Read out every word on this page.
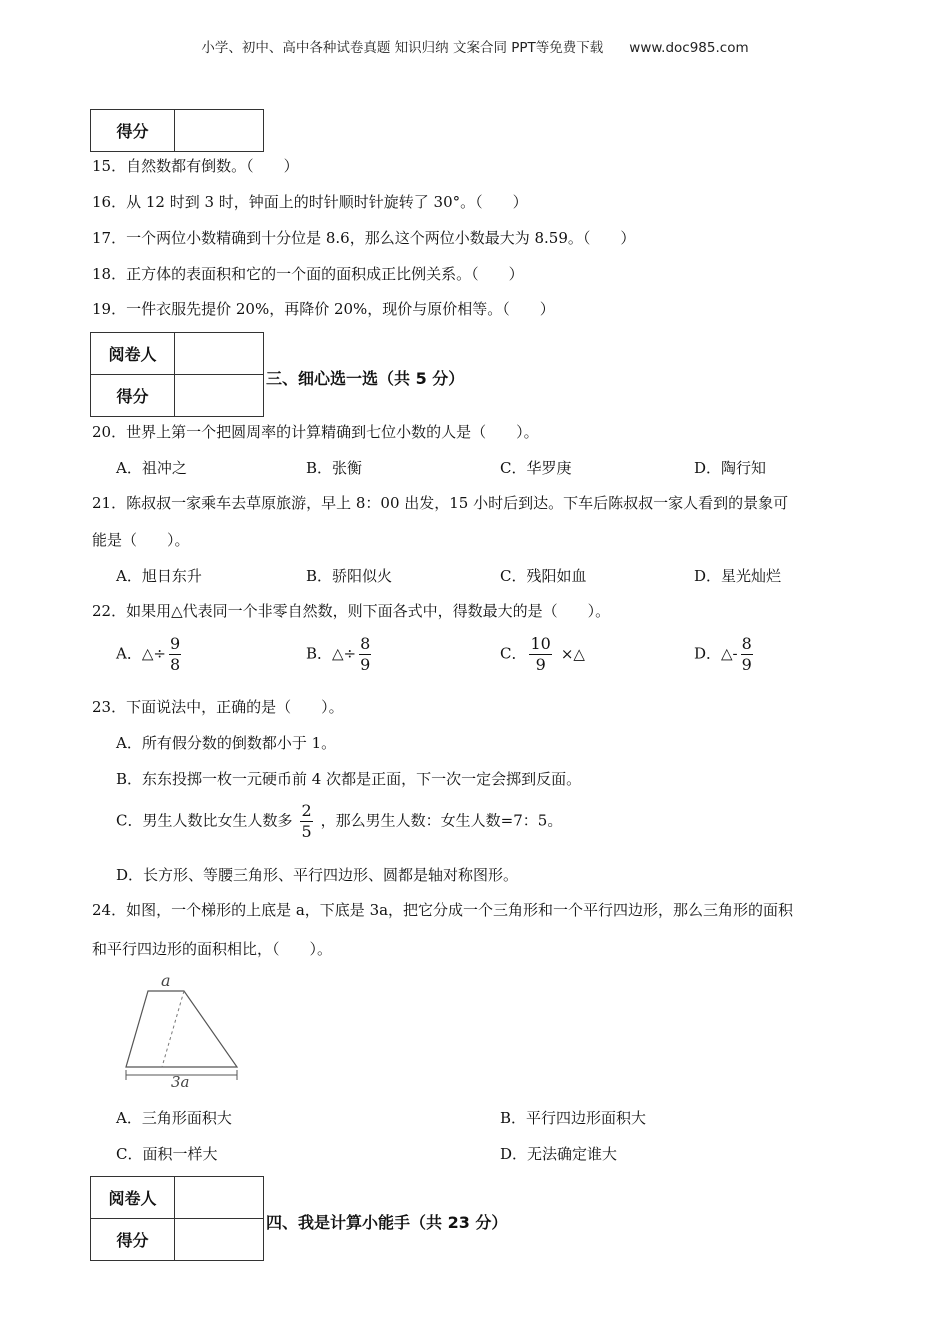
小学、初中、高中各种试卷真题 知识归纳 文案合同 PPT等免费下载 www.doc985.com
得分	
15．自然数都有倒数。（　　）
16．从 12 时到 3 时，钟面上的时针顺时针旋转了 30°。（　　）
17．一个两位小数精确到十分位是 8.6，那么这个两位小数最大为 8.59。（　　）
18．正方体的表面积和它的一个面的面积成正比例关系。（　　）
19．一件衣服先提价 20%，再降价 20%，现价与原价相等。（　　）
阅卷人	
得分	
三、细心选一选（共 5 分）
20．世界上第一个把圆周率的计算精确到七位小数的人是（　　）。
A．祖冲之	B．张衡	C．华罗庚	D．陶行知
21．陈叔叔一家乘车去草原旅游，早上 8：00 出发，15 小时后到达。下车后陈叔叔一家人看到的景象可
能是（　　）。
A．旭日东升	B．骄阳似火	C．残阳如血	D．星光灿烂
22．如果用△代表同一个非零自然数，则下面各式中，得数最大的是（　　）。
A．△÷ $\frac{9}{8}$	B．△÷ $\frac{8}{9}$	C． $\frac{10}{9}$ ×△	D．△- $\frac{8}{9}$
23．下面说法中，正确的是（　　）。
A．所有假分数的倒数都小于 1。
B．东东投掷一枚一元硬币前 4 次都是正面，下一次一定会掷到反面。
C．男生人数比女生人数多 $\frac{2}{5}$ ，那么男生人数：女生人数=7：5。
D．长方形、等腰三角形、平行四边形、圆都是轴对称图形。
24．如图，一个梯形的上底是 a，下底是 3a，把它分成一个三角形和一个平行四边形，那么三角形的面积
和平行四边形的面积相比，（　　）。
a
3a
A．三角形面积大	B．平行四边形面积大
C．面积一样大	D．无法确定谁大
阅卷人	
得分	
四、我是计算小能手（共 23 分）
